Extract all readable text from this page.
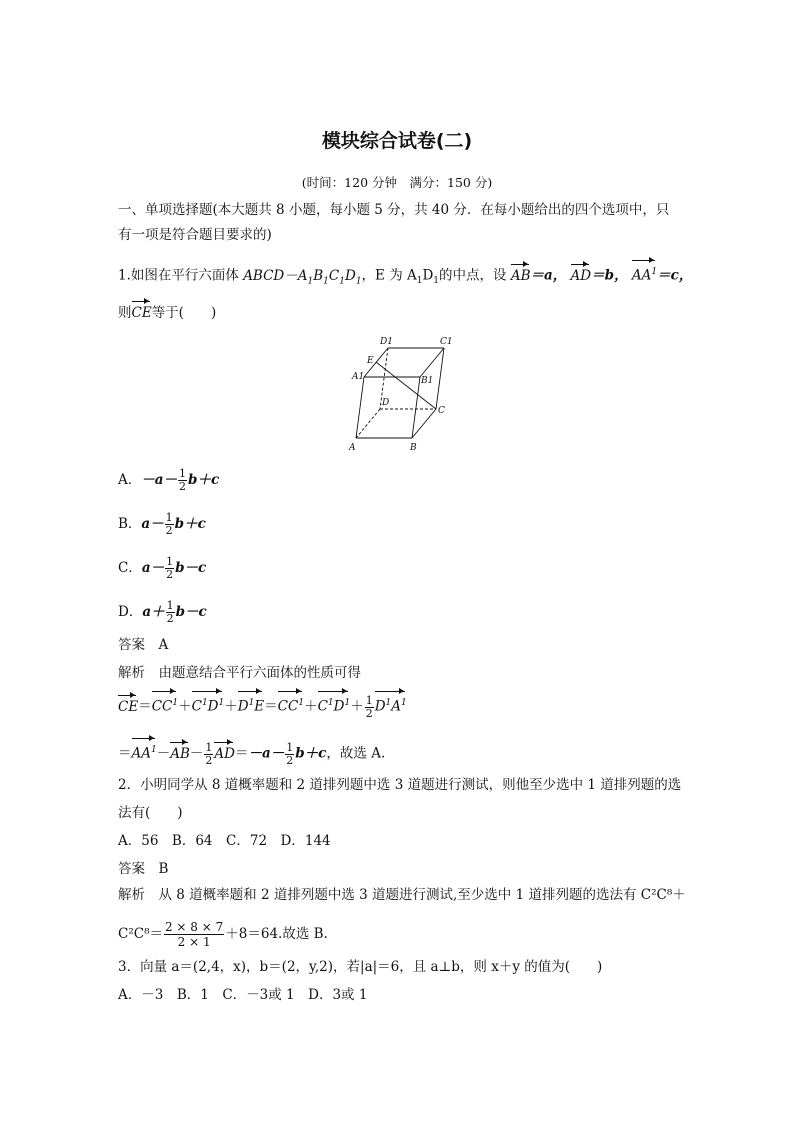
模块综合试卷(二)
(时间：120 分钟　满分：150 分)
一、单项选择题(本大题共 8 小题，每小题 5 分，共 40 分．在每小题给出的四个选项中，只
有一项是符合题目要求的)
1.如图在平行六面体 $ABCD-A_1B_1C_1D_1$，E 为 $A_1D_1$的中点，设 AB＝a， AD＝b， $AA^1=c$，
则CE等于(　　)
D1	C1
E
A1	B1
D
C
A	B
A．$-a- \frac{1}{2} b+c$
B．$a- \frac{1}{2} b+c$
C．$a- \frac{1}{2} b-c$
D．$a+ \frac{1}{2} b-c$
答案　 A
解析　 由题意结合平行六面体的性质可得
$CE=CC^1+C^1D^1+D^1E=CC^1+C^1D^1+ \frac{1}{2} D^1A^1$
$=AA^1-AB- \frac{1}{2} AD=-a- \frac{1}{2} b+c$，故选 A.
2．小明同学从 8 道概率题和 2 道排列题中选 3 道题进行测试，则他至少选中 1 道排列题的选
法有(　　)
A．56　B．64　C．72　D．144
答案　 B
解析　 从 8 道概率题和 2 道排列题中选 3 道题进行测试,至少选中 1 道排列题的选法有 C²C⁸＋
$C^2C^8= \frac{2 \times 8 \times 7}{2 \times 1} +8=64$.故选 B.
3．向量 a＝(2,4，x)，b＝(2，y,2)，若|a|＝6，且 a⊥b，则 x＋y 的值为(　　)
A．－3　B．1　C．－3或 1　D．3或 1
